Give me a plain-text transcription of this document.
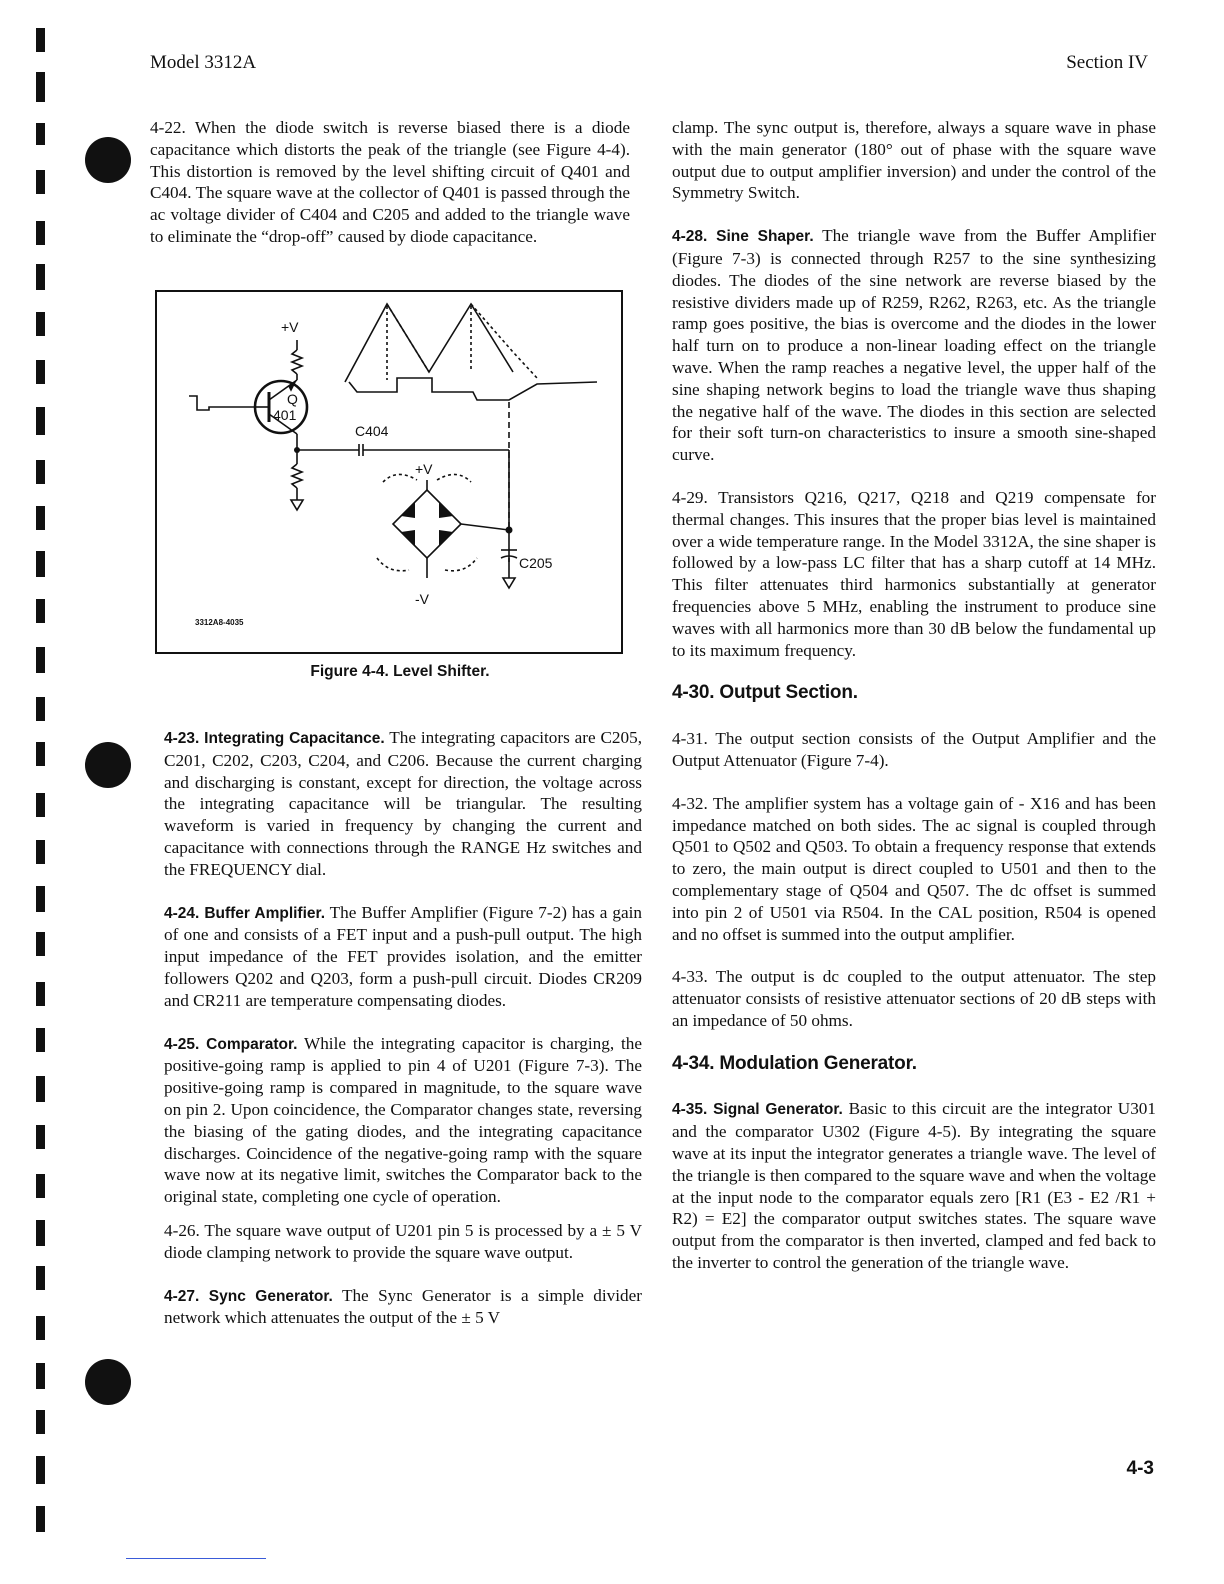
Model 3312A	Section IV

4-22. When the diode switch is reverse biased there is a diode capacitance which distorts the peak of the triangle (see Figure 4-4). This distortion is removed by the level shifting circuit of Q401 and C404. The square wave at the collector of Q401 is passed through the ac voltage divider of C404 and C205 and added to the triangle wave to eliminate the “drop-off” caused by diode capacitance.

+V
Q
401
C404
+V
-V
C205
3312A8-4035
Figure 4-4. Level Shifter.

4-23. Integrating Capacitance. The integrating capacitors are C205, C201, C202, C203, C204, and C206. Because the current charging and discharging is constant, except for direction, the voltage across the integrating capacitance will be triangular. The resulting waveform is varied in frequency by changing the current and capacitance with connections through the RANGE Hz switches and the FREQUENCY dial.

4-24. Buffer Amplifier. The Buffer Amplifier (Figure 7-2) has a gain of one and consists of a FET input and a push-pull output. The high input impedance of the FET provides isolation, and the emitter followers Q202 and Q203, form a push-pull circuit. Diodes CR209 and CR211 are temperature compensating diodes.

4-25. Comparator. While the integrating capacitor is charging, the positive-going ramp is applied to pin 4 of U201 (Figure 7-3). The positive-going ramp is compared in magnitude, to the square wave on pin 2. Upon coincidence, the Comparator changes state, reversing the biasing of the gating diodes, and the integrating capacitance discharges. Coincidence of the negative-going ramp with the square wave now at its negative limit, switches the Comparator back to the original state, completing one cycle of operation.

4-26. The square wave output of U201 pin 5 is processed by a ± 5 V diode clamping network to provide the square wave output.

4-27. Sync Generator. The Sync Generator is a simple divider network which attenuates the output of the ± 5 V

clamp. The sync output is, therefore, always a square wave in phase with the main generator (180° out of phase with the square wave output due to output amplifier inversion) and under the control of the Symmetry Switch.

4-28. Sine Shaper. The triangle wave from the Buffer Amplifier (Figure 7-3) is connected through R257 to the sine synthesizing diodes. The diodes of the sine network are reverse biased by the resistive dividers made up of R259, R262, R263, etc. As the triangle ramp goes positive, the bias is overcome and the diodes in the lower half turn on to produce a non-linear loading effect on the triangle wave. When the ramp reaches a negative level, the upper half of the sine shaping network begins to load the triangle wave thus shaping the negative half of the wave. The diodes in this section are selected for their soft turn-on characteristics to insure a smooth sine-shaped curve.

4-29. Transistors Q216, Q217, Q218 and Q219 compensate for thermal changes. This insures that the proper bias level is maintained over a wide temperature range. In the Model 3312A, the sine shaper is followed by a low-pass LC filter that has a sharp cutoff at 14 MHz. This filter attenuates third harmonics substantially at generator frequencies above 5 MHz, enabling the instrument to produce sine waves with all harmonics more than 30 dB below the fundamental up to its maximum frequency.

4-30. Output Section.

4-31. The output section consists of the Output Amplifier and the Output Attenuator (Figure 7-4).

4-32. The amplifier system has a voltage gain of - X16 and has been impedance matched on both sides. The ac signal is coupled through Q501 to Q502 and Q503. To obtain a frequency response that extends to zero, the main output is direct coupled to U501 and then to the complementary stage of Q504 and Q507. The dc offset is summed into pin 2 of U501 via R504. In the CAL position, R504 is opened and no offset is summed into the output amplifier.

4-33. The output is dc coupled to the output attenuator. The step attenuator consists of resistive attenuator sections of 20 dB steps with an impedance of 50 ohms.

4-34. Modulation Generator.

4-35. Signal Generator. Basic to this circuit are the integrator U301 and the comparator U302 (Figure 4-5). By integrating the square wave at its input the integrator generates a triangle wave. The level of the triangle is then compared to the square wave and when the voltage at the input node to the comparator equals zero [R1 (E3 - E2 /R1 + R2) = E2] the comparator output switches states. The square wave output from the comparator is then inverted, clamped and fed back to the inverter to control the generation of the triangle wave.

4-3
